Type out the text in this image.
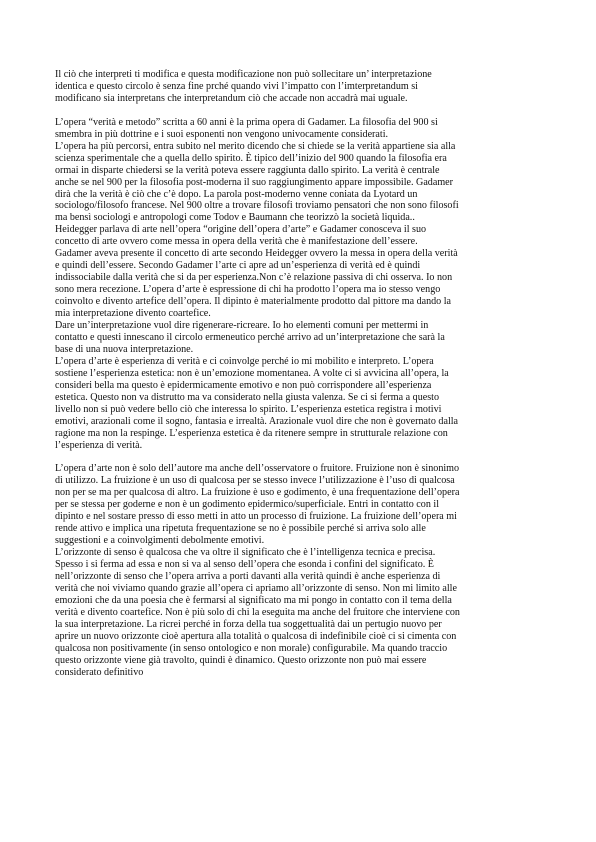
Il ciò che interpreti ti modifica e questa modificazione non può sollecitare un’ interpretazione
identica e questo circolo è senza fine prché quando vivi l’impatto con l’imterpretandum si
modificano sia interpretans che interpretandum ciò che accade non accadrà mai uguale.
L’opera “verità e metodo” scritta a 60 anni è la prima opera di Gadamer. La filosofia del 900 si
smembra in più dottrine e i suoi esponenti non vengono univocamente considerati.
L’opera ha più percorsi, entra subito nel merito dicendo che si chiede se la verità appartiene sia alla
scienza sperimentale che a quella dello spirito. È tipico dell’inizio del 900 quando la filosofia era
ormai in disparte chiedersi se la verità poteva essere raggiunta dallo spirito. La verità è centrale
anche se nel 900 per la filosofia post-moderna il suo raggiungimento appare impossibile. Gadamer
dirà che la verità è ciò che c’è dopo. La parola post-moderno venne coniata da Lyotard un
sociologo/filosofo francese. Nel 900 oltre a trovare filosofi troviamo pensatori che non sono filosofi
ma bensì sociologi e antropologi come Todov e Baumann che teorizzò la società liquida..
Heidegger parlava di arte nell’opera “origine dell’opera d’arte” e Gadamer conosceva il suo
concetto di arte ovvero come messa in opera della verità che è manifestazione dell’essere.
Gadamer aveva presente il concetto di arte secondo Heidegger ovvero la messa in opera della verità
e quindi dell’essere. Secondo Gadamer l’arte ci apre ad un’esperienza di verità ed è quindi
indissociabile dalla verità che si da per esperienza.Non c’è relazione passiva di chi osserva. Io non
sono mera recezione. L’opera d’arte è espressione di chi ha prodotto l’opera ma io stesso vengo
coinvolto e divento artefice dell’opera. Il dipinto è materialmente prodotto dal pittore ma dando la
mia interpretazione divento coartefice.
Dare un’interpretazione vuol dire rigenerare-ricreare. Io ho elementi comuni per mettermi in
contatto e questi innescano il circolo ermeneutico perché arrivo ad un’interpretazione che sarà la
base di una nuova interpretazione.
L’opera d’arte è esperienza di verità e ci coinvolge perché io mi mobilito e interpreto. L’opera
sostiene l’esperienza estetica: non è un’emozione momentanea. A volte ci si avvicina all’opera, la
consideri bella ma questo è epidermicamente emotivo e non può corrispondere all’esperienza
estetica. Questo non va distrutto ma va considerato nella giusta valenza. Se ci si ferma a questo
livello non si può vedere bello ciò che interessa lo spirito. L’esperienza estetica registra i motivi
emotivi, arazionali come il sogno, fantasia e irrealtà. Arazionale vuol dire che non è governato dalla
ragione ma non la respinge. L’esperienza estetica è da ritenere sempre in strutturale relazione con
l’esperienza di verità.
L’opera d’arte non è solo dell’autore ma anche dell’osservatore o fruitore. Fruizione non è sinonimo
di utilizzo. La fruizione è un uso di qualcosa per se stesso invece l’utilizzazione è l’uso di qualcosa
non per se ma per qualcosa di altro. La fruizione è uso e godimento, è una frequentazione dell’opera
per se stessa per goderne e non è un godimento epidermico/superficiale. Entri in contatto con il
dipinto e nel sostare presso di esso metti in atto un processo di fruizione. La fruizione dell’opera mi
rende attivo e implica una ripetuta frequentazione se no è possibile perché si arriva solo alle
suggestioni e a coinvolgimenti debolmente emotivi.
L’orizzonte di senso è qualcosa che va oltre il significato che è l’intelligenza tecnica e precisa.
Spesso i si ferma ad essa e non si va al senso dell’opera che esonda i confini del significato. È
nell’orizzonte di senso che l’opera arriva a porti davanti alla verità quindi è anche esperienza di
verità che noi viviamo quando grazie all’opera ci apriamo all’orizzonte di senso. Non mi limito alle
emozioni che da una poesia che è fermarsi al significato ma mi pongo in contatto con il tema della
verità e divento coartefice. Non è più solo di chi la eseguita ma anche del fruitore che interviene con
la sua interpretazione. La ricrei perché in forza della tua soggettualità dai un pertugio nuovo per
aprire un nuovo orizzonte cioè apertura alla totalità o qualcosa di indefinibile cioè ci si cimenta con
qualcosa non positivamente (in senso ontologico e non morale) configurabile. Ma quando traccio
questo orizzonte viene già travolto, quindi è dinamico. Questo orizzonte non può mai essere
considerato definitivo
